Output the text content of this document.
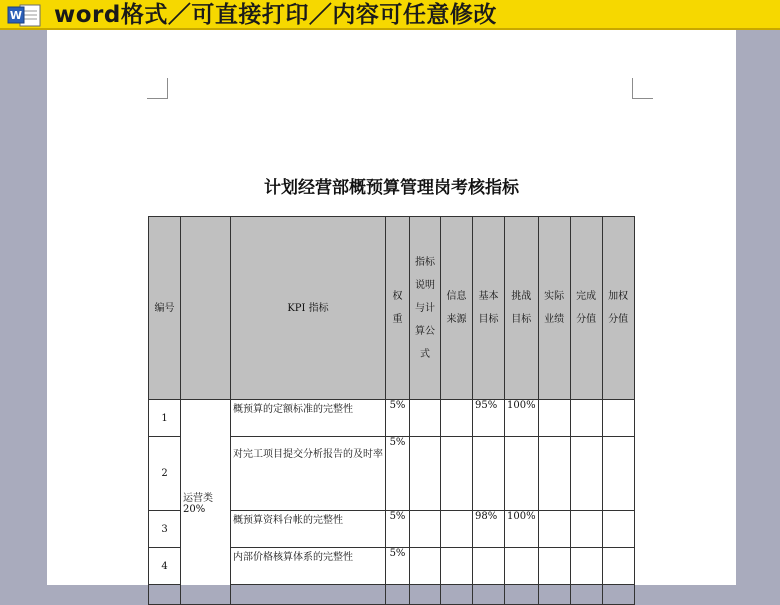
W word格式／可直接打印／内容可任意修改
计划经营部概预算管理岗考核指标
编号		KPI 指标	权重	指标说明与计算公式	信息来源	基本目标	挑战目标	实际业绩	完成分值	加权分值
1	运营类20%	概预算的定额标准的完整性	5%			95%	100%			
2		对完工项目提交分析报告的及时率	5%							
3		概预算资料台帐的完整性	5%			98%	100%			
4		内部价格核算体系的完整性	5%							
